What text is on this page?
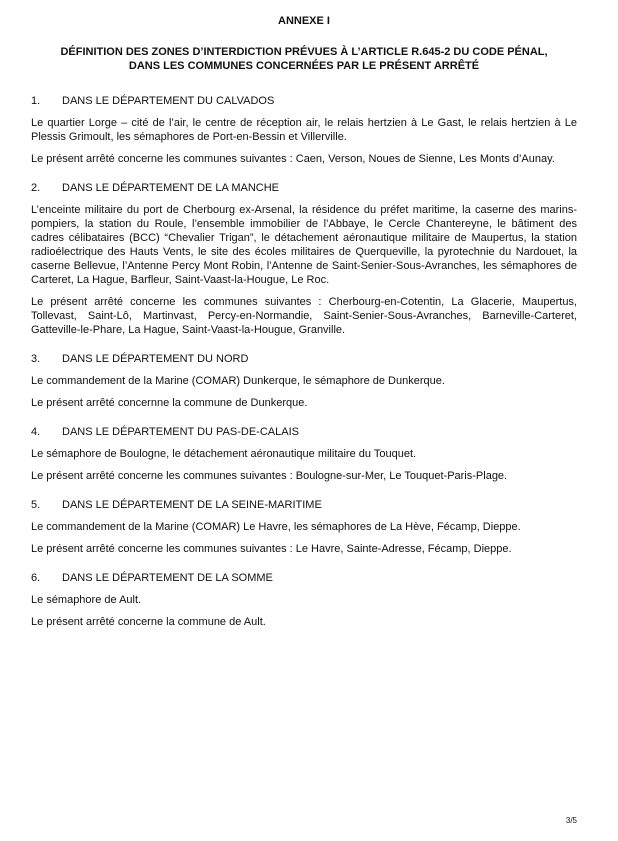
ANNEXE I
DÉFINITION DES ZONES D’INTERDICTION PRÉVUES À L’ARTICLE R.645-2 DU CODE PÉNAL,
DANS LES COMMUNES CONCERNÉES PAR LE PRÉSENT ARRÊTÉ
1.	DANS LE DÉPARTEMENT DU CALVADOS

Le quartier Lorge – cité de l’air, le centre de réception air, le relais hertzien à Le Gast, le relais hertzien à Le Plessis Grimoult, les sémaphores de Port-en-Bessin et Villerville.

Le présent arrêté concerne les communes suivantes : Caen, Verson, Noues de Sienne, Les Monts d’Aunay.

2.	DANS LE DÉPARTEMENT DE LA MANCHE

L’enceinte militaire du port de Cherbourg ex-Arsenal, la résidence du préfet maritime, la caserne des marins-pompiers, la station du Roule, l’ensemble immobilier de l’Abbaye, le Cercle Chantereyne, le bâtiment des cadres célibataires (BCC) “Chevalier Trigan”, le détachement aéronautique militaire de Maupertus, la station radioélectrique des Hauts Vents, le site des écoles militaires de Querqueville, la pyrotechnie du Nardouet, la caserne Bellevue, l’Antenne Percy Mont Robin, l’Antenne de Saint-Senier-Sous-Avranches, les sémaphores de Carteret, La Hague, Barfleur, Saint-Vaast-la-Hougue, Le Roc.

Le présent arrêté concerne les communes suivantes : Cherbourg-en-Cotentin, La Glacerie, Maupertus, Tollevast, Saint-Lô, Martinvast, Percy-en-Normandie, Saint-Senier-Sous-Avranches, Barneville-Carteret, Gatteville-le-Phare, La Hague, Saint-Vaast-la-Hougue, Granville.

3.	DANS LE DÉPARTEMENT DU NORD

Le commandement de la Marine (COMAR) Dunkerque, le sémaphore de Dunkerque.

Le présent arrêté concernne la commune de Dunkerque.

4.	DANS LE DÉPARTEMENT DU PAS-DE-CALAIS

Le sémaphore de Boulogne, le détachement aéronautique militaire du Touquet.

Le présent arrêté concerne les communes suivantes : Boulogne-sur-Mer, Le Touquet-Paris-Plage.

5.	DANS LE DÉPARTEMENT DE LA SEINE-MARITIME

Le commandement de la Marine (COMAR) Le Havre, les sémaphores de La Hève, Fécamp, Dieppe.

Le présent arrêté concerne les communes suivantes : Le Havre, Sainte-Adresse, Fécamp, Dieppe.

6.	DANS LE DÉPARTEMENT DE LA SOMME

Le sémaphore de Ault.

Le présent arrêté concerne la commune de Ault.

3/5
